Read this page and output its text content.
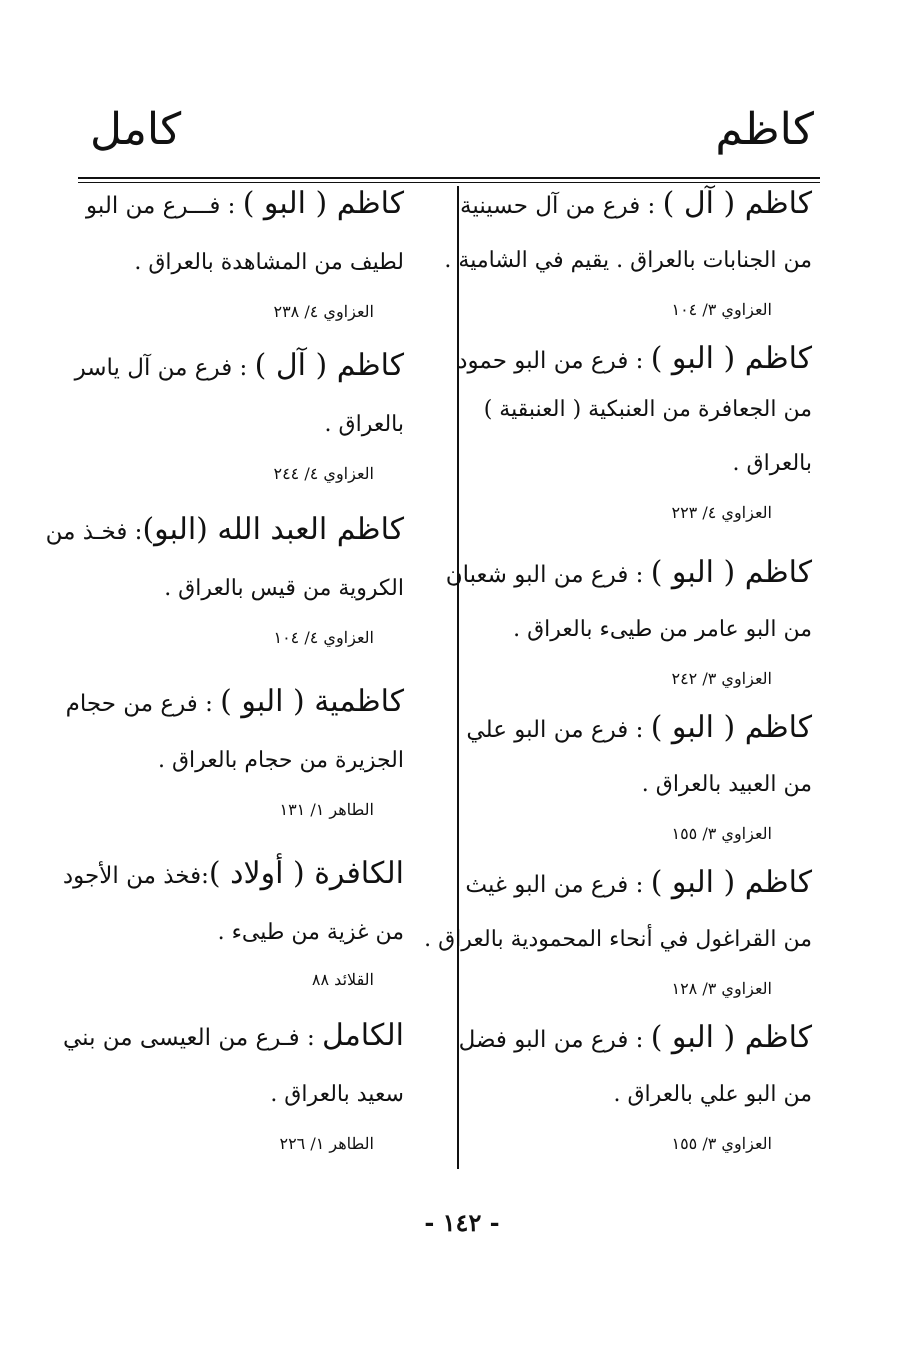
كاظم
كامل
كاظم ( آل ) : فرع من آل حسينية
من الجنابات بالعراق . يقيم في الشامية .
العزاوي ٣/ ١٠٤
كاظم ( البو ) : فرع من البو حمود
من الجعافرة من العنبكية ( العنبقية )
بالعراق .
العزاوي ٤/ ٢٢٣
كاظم ( البو ) : فرع من البو شعبان
من البو عامر من طيىء بالعراق .
العزاوي ٣/ ٢٤٢
كاظم ( البو ) : فرع من البو علي
من العبيد بالعراق .
العزاوي ٣/ ١٥٥
كاظم ( البو ) : فرع من البو غيث
من القراغول في أنحاء المحمودية بالعراق .
العزاوي ٣/ ١٢٨
كاظم ( البو ) : فرع من البو فضل
من البو علي بالعراق .
العزاوي ٣/ ١٥٥
كاظم ( البو ) : فـــرع من البو
لطيف من المشاهدة بالعراق .
العزاوي ٤/ ٢٣٨
كاظم ( آل ) : فرع من آل ياسر
بالعراق .
العزاوي ٤/ ٢٤٤
كاظم العبد الله (البو): فخـذ من
الكروية من قيس بالعراق .
العزاوي ٤/ ١٠٤
كاظمية ( البو ) : فرع من حجام
الجزيرة من حجام بالعراق .
الطاهر ١/ ١٣١
الكافرة ( أولاد ):فخذ من الأجود
من غزية من طيىء .
القلائد ٨٨
الكامل : فـرع من العيسى من بني
سعيد بالعراق .
الطاهر ١/ ٢٢٦
- ١٤٢ -
